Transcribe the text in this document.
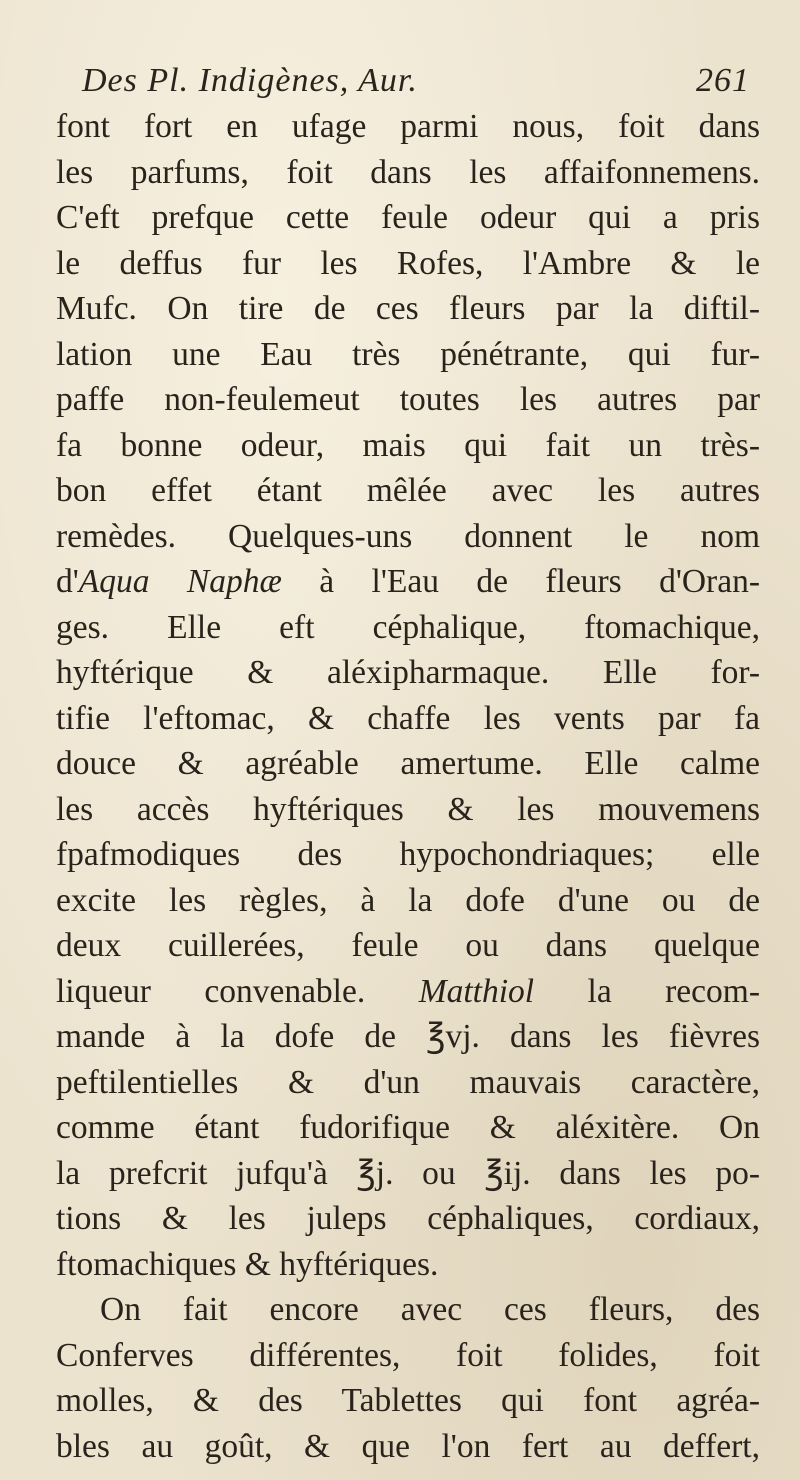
Des Pl. Indigènes, Aur.	261
font fort en ufage parmi nous, foit dans
les parfums, foit dans les affaifonnemens.
C'eft prefque cette feule odeur qui a pris
le deffus fur les Rofes, l'Ambre & le
Mufc. On tire de ces fleurs par la diftil-
lation une Eau très pénétrante, qui fur-
paffe non-feulemeut toutes les autres par
fa bonne odeur, mais qui fait un très-
bon effet étant mêlée avec les autres
remèdes. Quelques-uns donnent le nom
d'Aqua Naphæ à l'Eau de fleurs d'Oran-
ges. Elle eft céphalique, ftomachique,
hyftérique & aléxipharmaque. Elle for-
tifie l'eftomac, & chaffe les vents par fa
douce & agréable amertume. Elle calme
les accès hyftériques & les mouvemens
fpafmodiques des hypochondriaques; elle
excite les règles, à la dofe d'une ou de
deux cuillerées, feule ou dans quelque
liqueur convenable. Matthiol la recom-
mande à la dofe de ℥vj. dans les fièvres
peftilentielles & d'un mauvais caractère,
comme étant fudorifique & aléxitère. On
la prefcrit jufqu'à ℥j. ou ℥ij. dans les po-
tions & les juleps céphaliques, cordiaux,
ftomachiques & hyftériques.
On fait encore avec ces fleurs, des
Conferves différentes, foit folides, foit
molles, & des Tablettes qui font agréa-
bles au goût, & que l'on fert au deffert,
